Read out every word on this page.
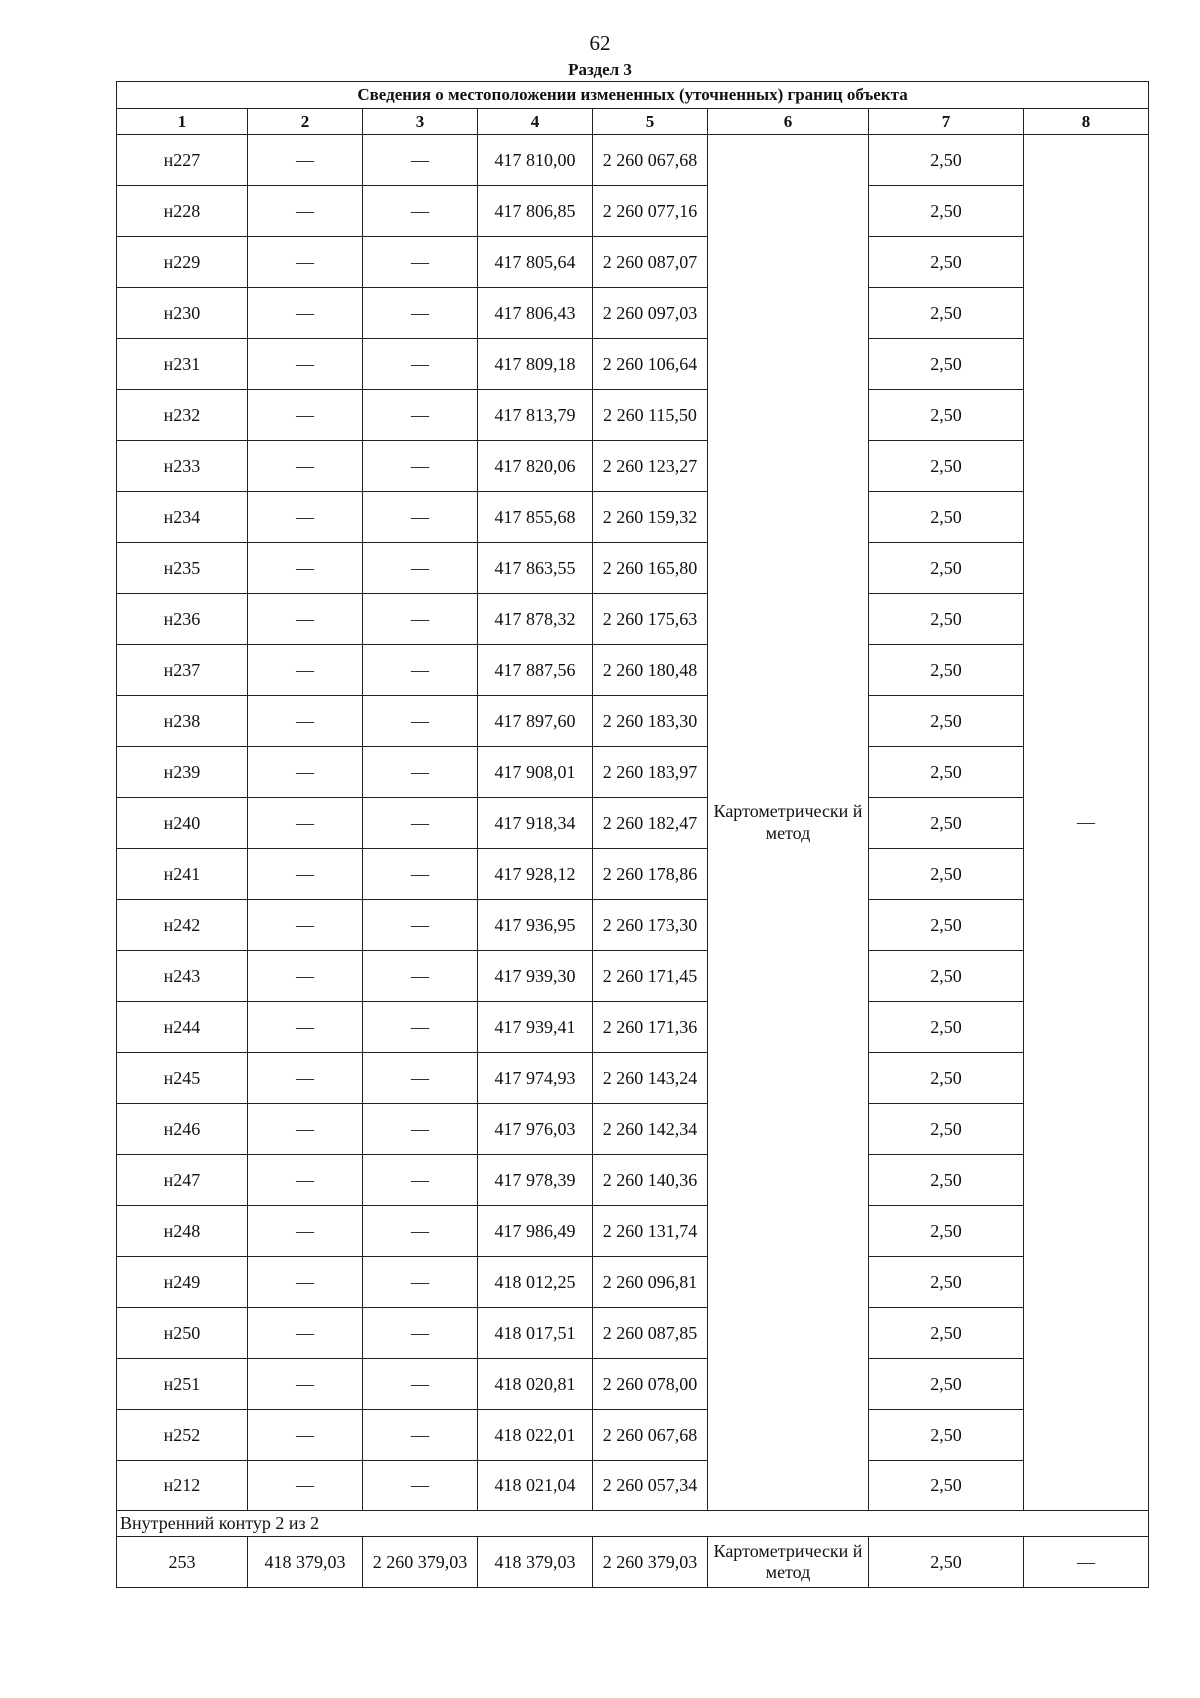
62
Раздел 3
Сведения о местоположении измененных (уточненных) границ объекта							
1	2	3	4	5	6	7	8
н227	—	—	417 810,00	2 260 067,68	Картометрически й метод	2,50	—
н228	—	—	417 806,85	2 260 077,16		2,50	
н229	—	—	417 805,64	2 260 087,07		2,50	
н230	—	—	417 806,43	2 260 097,03		2,50	
н231	—	—	417 809,18	2 260 106,64		2,50	
н232	—	—	417 813,79	2 260 115,50		2,50	
н233	—	—	417 820,06	2 260 123,27		2,50	
н234	—	—	417 855,68	2 260 159,32		2,50	
н235	—	—	417 863,55	2 260 165,80		2,50	
н236	—	—	417 878,32	2 260 175,63		2,50	
н237	—	—	417 887,56	2 260 180,48		2,50	
н238	—	—	417 897,60	2 260 183,30		2,50	
н239	—	—	417 908,01	2 260 183,97		2,50	
н240	—	—	417 918,34	2 260 182,47		2,50	
н241	—	—	417 928,12	2 260 178,86		2,50	
н242	—	—	417 936,95	2 260 173,30		2,50	
н243	—	—	417 939,30	2 260 171,45		2,50	
н244	—	—	417 939,41	2 260 171,36		2,50	
н245	—	—	417 974,93	2 260 143,24		2,50	
н246	—	—	417 976,03	2 260 142,34		2,50	
н247	—	—	417 978,39	2 260 140,36		2,50	
н248	—	—	417 986,49	2 260 131,74		2,50	
н249	—	—	418 012,25	2 260 096,81		2,50	
н250	—	—	418 017,51	2 260 087,85		2,50	
н251	—	—	418 020,81	2 260 078,00		2,50	
н252	—	—	418 022,01	2 260 067,68		2,50	
н212	—	—	418 021,04	2 260 057,34		2,50	
Внутренний контур 2 из 2							
253	418 379,03	2 260 379,03	418 379,03	2 260 379,03	Картометрически й метод	2,50	—
